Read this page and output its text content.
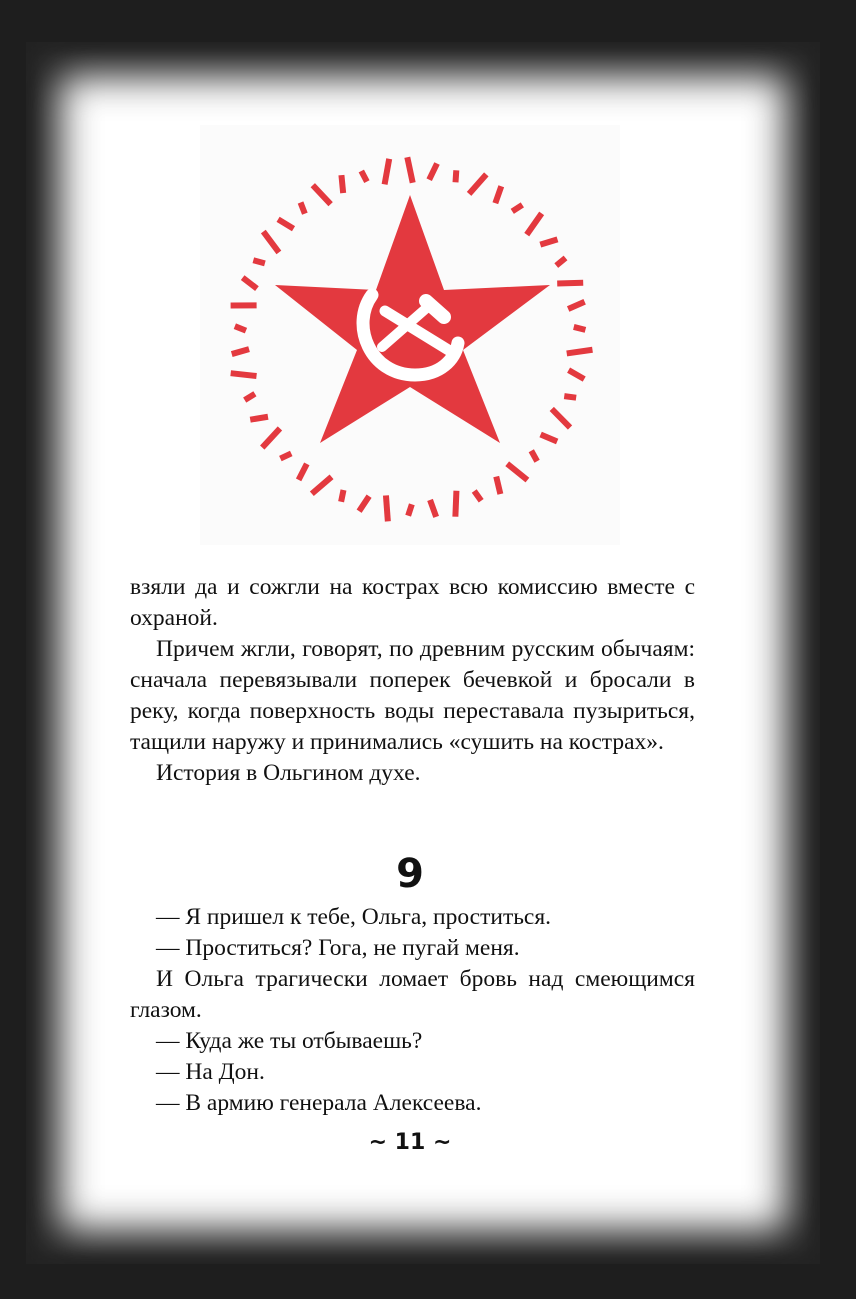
взяли да и сожгли на кострах всю комиссию вместе с охраной.

Причем жгли, говорят, по древним русским обычаям: сначала перевязывали поперек бечевкой и бросали в реку, когда поверхность воды переставала пузыриться, тащили наружу и принимались «сушить на кострах».

История в Ольгином духе.

9

— Я пришел к тебе, Ольга, проститься.

— Проститься? Гога, не пугай меня.

И Ольга трагически ломает бровь над смеющимся глазом.

— Куда же ты отбываешь?

— На Дон.

— В армию генерала Алексеева.

~ 11 ~
